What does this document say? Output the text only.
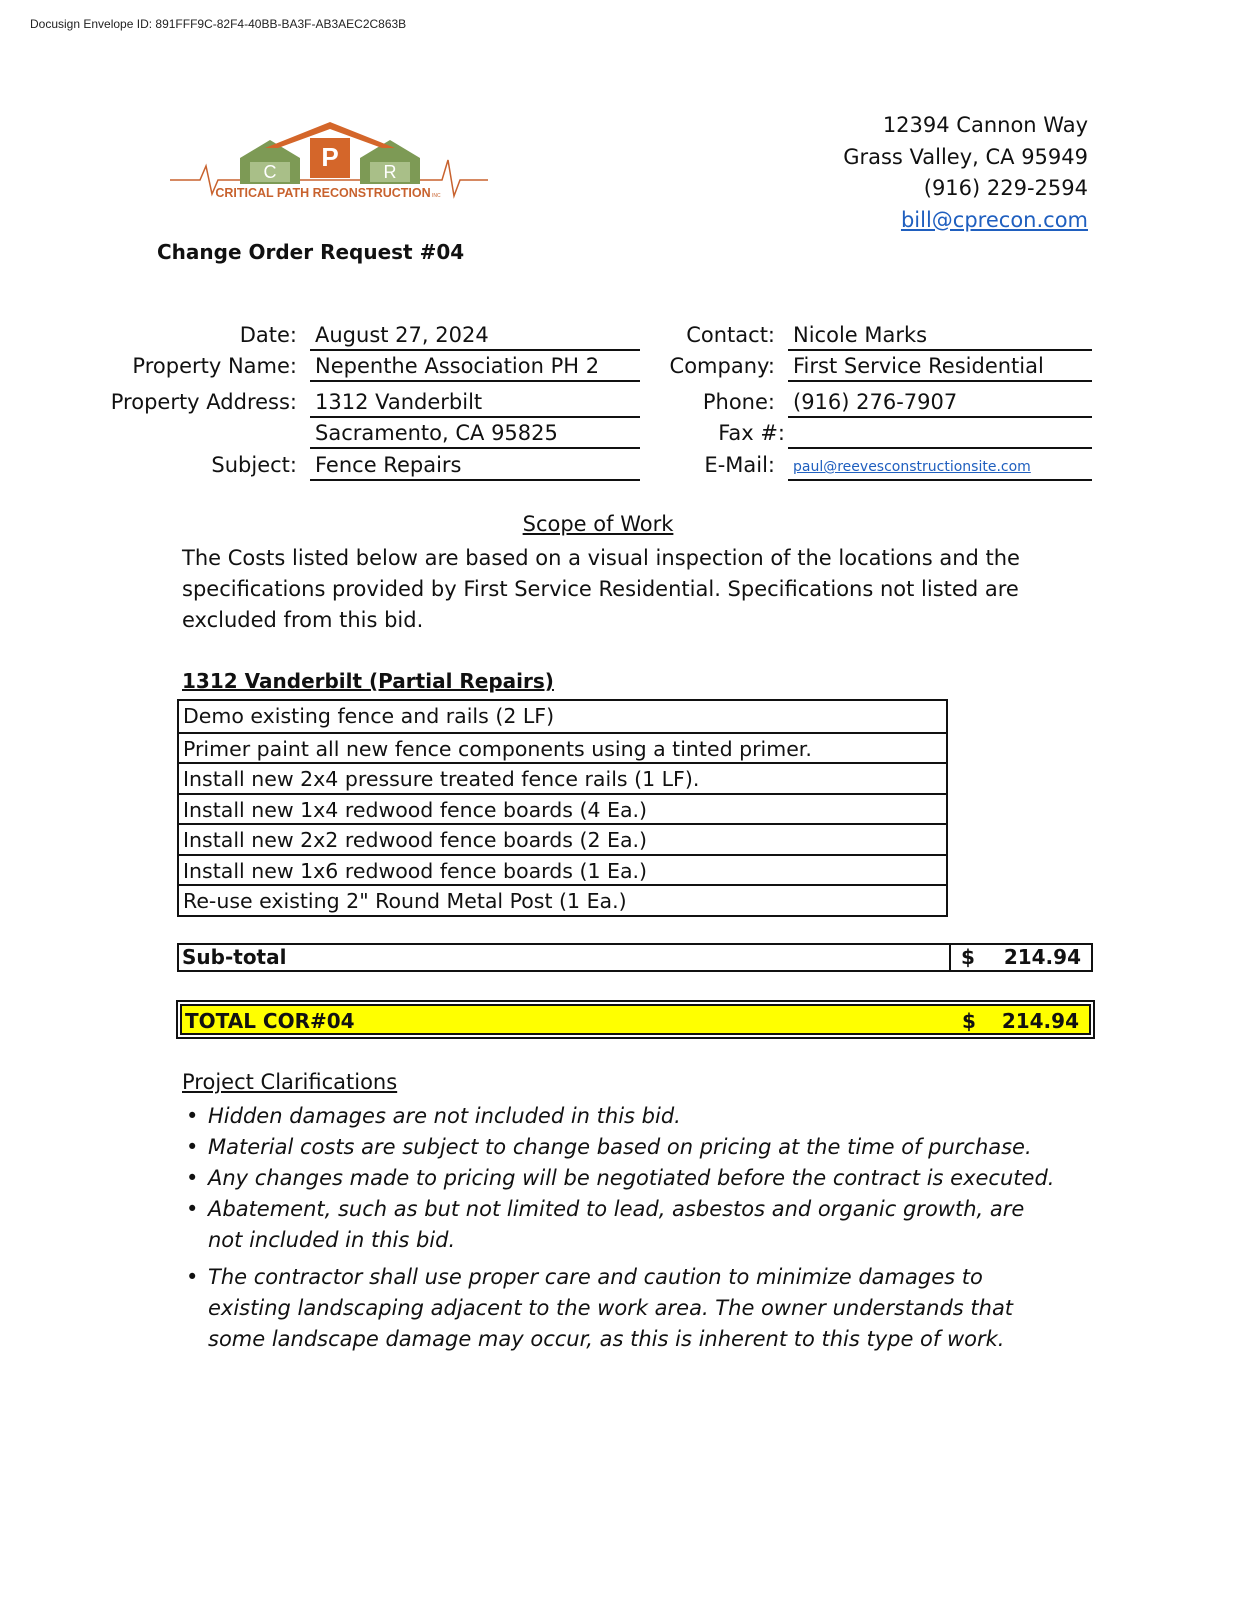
Docusign Envelope ID: 891FFF9C-82F4-40BB-BA3F-AB3AEC2C863B
P
C	R
CRITICAL PATH RECONSTRUCTION INC
12394 Cannon Way
Grass Valley, CA 95949
(916) 229-2594
bill@cprecon.com
Change Order Request #04
Date: August 27, 2024
Property Name: Nepenthe Association PH 2
Property Address: 1312 Vanderbilt
Sacramento, CA 95825
Subject: Fence Repairs
Contact: Nicole Marks
Company: First Service Residential
Phone: (916) 276-7907
Fax #:
E-Mail:	paul@reevesconstructionsite.com
Scope of Work
The Costs listed below are based on a visual inspection of the locations and the specifications provided by First Service Residential. Specifications not listed are excluded from this bid.
1312 Vanderbilt (Partial Repairs)
Demo existing fence and rails (2 LF)
Primer paint all new fence components using a tinted primer.
Install new 2x4 pressure treated fence rails (1 LF).
Install new 1x4 redwood fence boards (4 Ea.)
Install new 2x2 redwood fence boards (2 Ea.)
Install new 1x6 redwood fence boards (1 Ea.)
Re-use existing 2" Round Metal Post (1 Ea.)
Sub-total	$ 214.94
TOTAL COR#04	$ 214.94
Project Clarifications
• Hidden damages are not included in this bid.
• Material costs are subject to change based on pricing at the time of purchase.
• Any changes made to pricing will be negotiated before the contract is executed.
• Abatement, such as but not limited to lead, asbestos and organic growth, are not included in this bid.
• The contractor shall use proper care and caution to minimize damages to existing landscaping adjacent to the work area. The owner understands that some landscape damage may occur, as this is inherent to this type of work.
